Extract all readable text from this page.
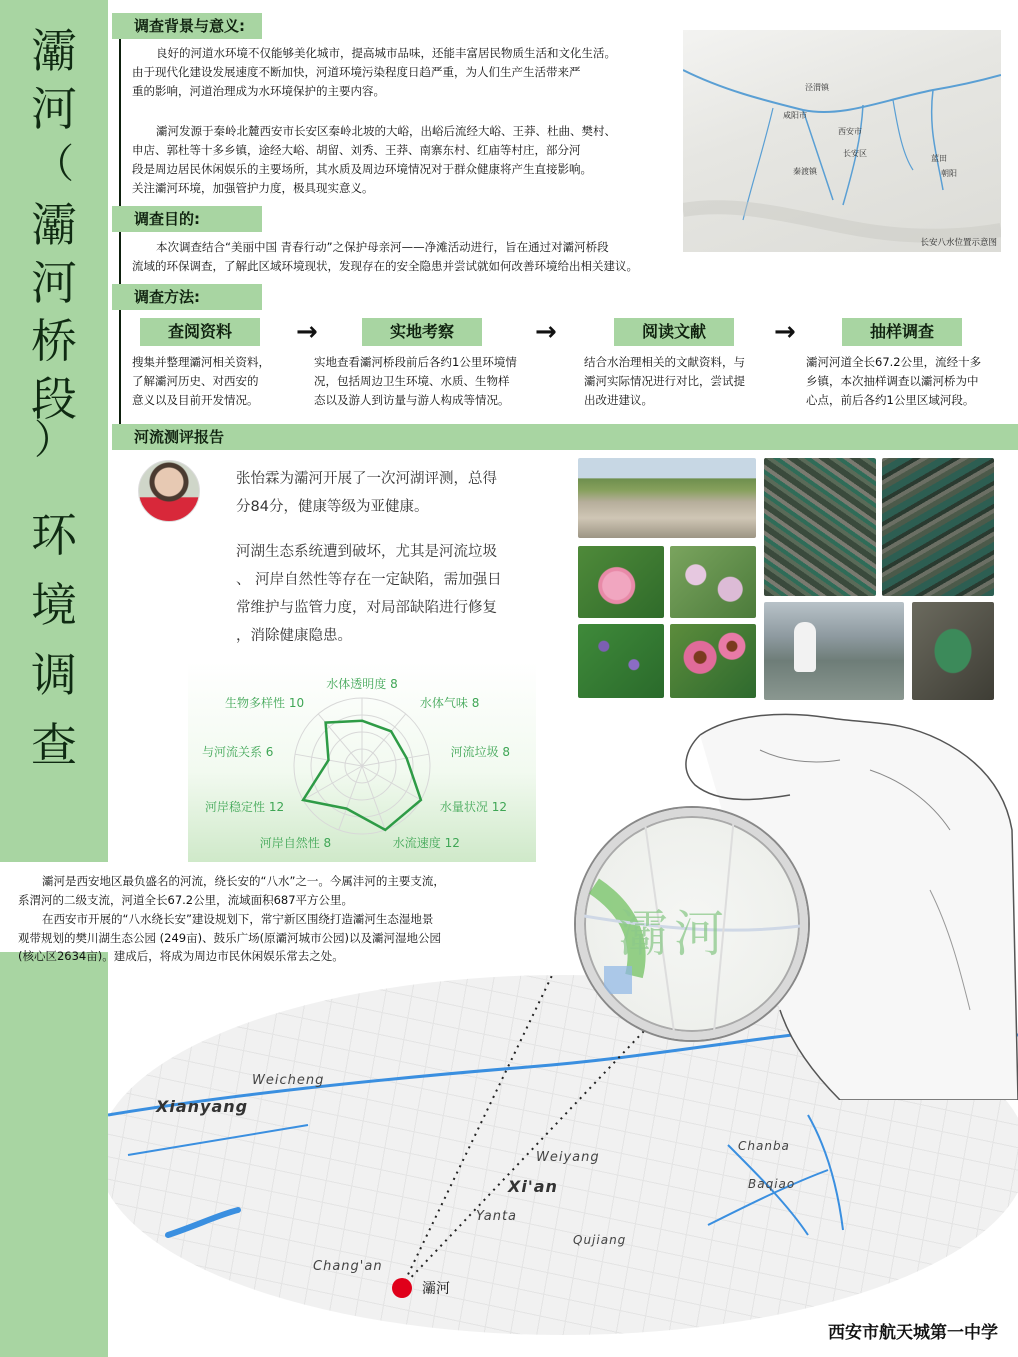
灞
河
（
灞
河
桥
段
）
环
境
调
查
调查背景与意义:
良好的河道水环境不仅能够美化城市，提高城市品味，还能丰富居民物质生活和文化生活。
由于现代化建设发展速度不断加快，河道环境污染程度日趋严重，为人们生产生活带来严
重的影响，河道治理成为水环境保护的主要内容。
灞河发源于秦岭北麓西安市长安区秦岭北坡的大峪，出峪后流经大峪、王莽、杜曲、樊村、
申店、郭杜等十多乡镇，途经大峪、胡留、刘秀、王莽、南寨东村、红庙等村庄，部分河
段是周边居民休闲娱乐的主要场所，其水质及周边环境情况对于群众健康将产生直接影响。
关注灞河环境，加强管护力度，极具现实意义。
泾渭镇
咸阳市
西安市
长安区
秦渡镇
蓝田
朝阳
长安八水位置示意图
调查目的:
本次调查结合“美丽中国 青春行动”之保护母亲河——净滩活动进行，旨在通过对灞河桥段
流域的环保调查，了解此区域环境现状，发现存在的安全隐患并尝试就如何改善环境给出相关建议。
调查方法:
查阅资料	→	实地考察	→	阅读文献	→	抽样调查
搜集并整理灞河相关资料，
了解灞河历史、对西安的
意义以及目前开发情况。
实地查看灞河桥段前后各约1公里环境情
况，包括周边卫生环境、水质、生物样
态以及游人到访量与游人构成等情况。
结合水治理相关的文献资料，与
灞河实际情况进行对比，尝试提
出改进建议。
灞河河道全长67.2公里，流经十多
乡镇，本次抽样调查以灞河桥为中
心点，前后各约1公里区域河段。
河流测评报告
张怡霖为灞河开展了一次河湖评测，总得
分84分，健康等级为亚健康。
河湖生态系统遭到破坏，尤其是河流垃圾
、 河岸自然性等存在一定缺陷，需加强日
常维护与监管力度，对局部缺陷进行修复
，消除健康隐患。
水体透明度 8
水体气味 8
河流垃圾 8
水量状况 12
水流速度 12
河岸自然性 8
河岸稳定性 12
与河流关系 6
生物多样性 10
灞河是西安地区最负盛名的河流，绕长安的“八水”之一。今属沣河的主要支流，
系渭河的二级支流，河道全长67.2公里，流域面积687平方公里。
在西安市开展的“八水绕长安”建设规划下，常宁新区围绕打造灞河生态湿地景
观带规划的樊川湖生态公园 (249亩)、鼓乐广场(原灞河城市公园)以及灞河湿地公园
(核心区2634亩)。建成后，将成为周边市民休闲娱乐常去之处。
Weicheng
Xianyang
Weiyang
Xi'an
Yanta
Chanba
Baqiao
Qujiang
Chang'an
灞河
灞河
西安市航天城第一中学
